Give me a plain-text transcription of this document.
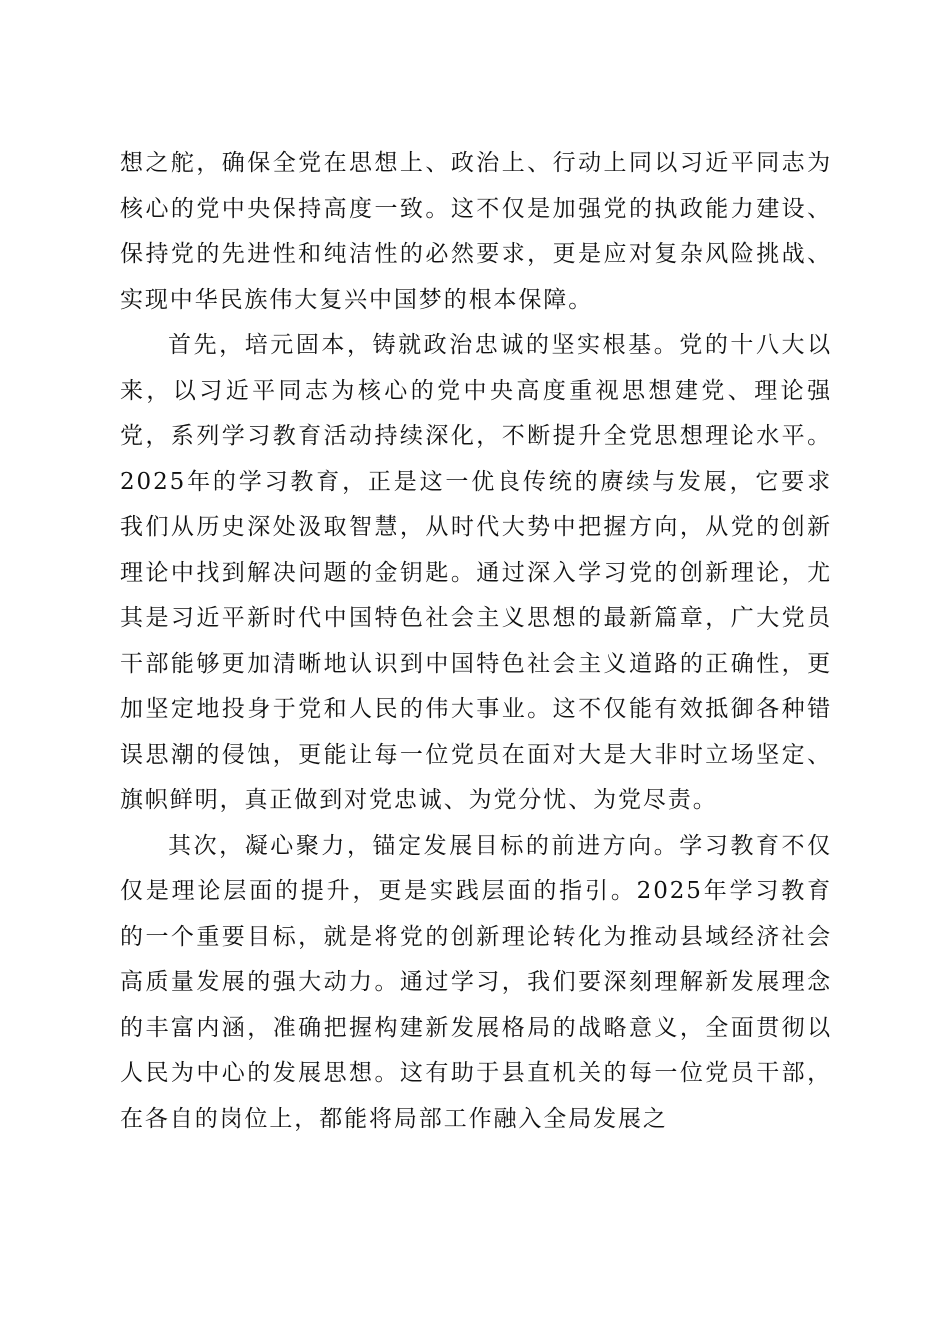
想之舵，确保全党在思想上、政治上、行动上同以习近平同志为核心的党中央保持高度一致。这不仅是加强党的执政能力建设、保持党的先进性和纯洁性的必然要求，更是应对复杂风险挑战、实现中华民族伟大复兴中国梦的根本保障。

首先，培元固本，铸就政治忠诚的坚实根基。党的十八大以来，以习近平同志为核心的党中央高度重视思想建党、理论强党，系列学习教育活动持续深化，不断提升全党思想理论水平。2025年的学习教育，正是这一优良传统的赓续与发展，它要求我们从历史深处汲取智慧，从时代大势中把握方向，从党的创新理论中找到解决问题的金钥匙。通过深入学习党的创新理论，尤其是习近平新时代中国特色社会主义思想的最新篇章，广大党员干部能够更加清晰地认识到中国特色社会主义道路的正确性，更加坚定地投身于党和人民的伟大事业。这不仅能有效抵御各种错误思潮的侵蚀，更能让每一位党员在面对大是大非时立场坚定、旗帜鲜明，真正做到对党忠诚、为党分忧、为党尽责。

其次，凝心聚力，锚定发展目标的前进方向。学习教育不仅仅是理论层面的提升，更是实践层面的指引。2025年学习教育的一个重要目标，就是将党的创新理论转化为推动县域经济社会高质量发展的强大动力。通过学习，我们要深刻理解新发展理念的丰富内涵，准确把握构建新发展格局的战略意义，全面贯彻以人民为中心的发展思想。这有助于县直机关的每一位党员干部，在各自的岗位上，都能将局部工作融入全局发展之
